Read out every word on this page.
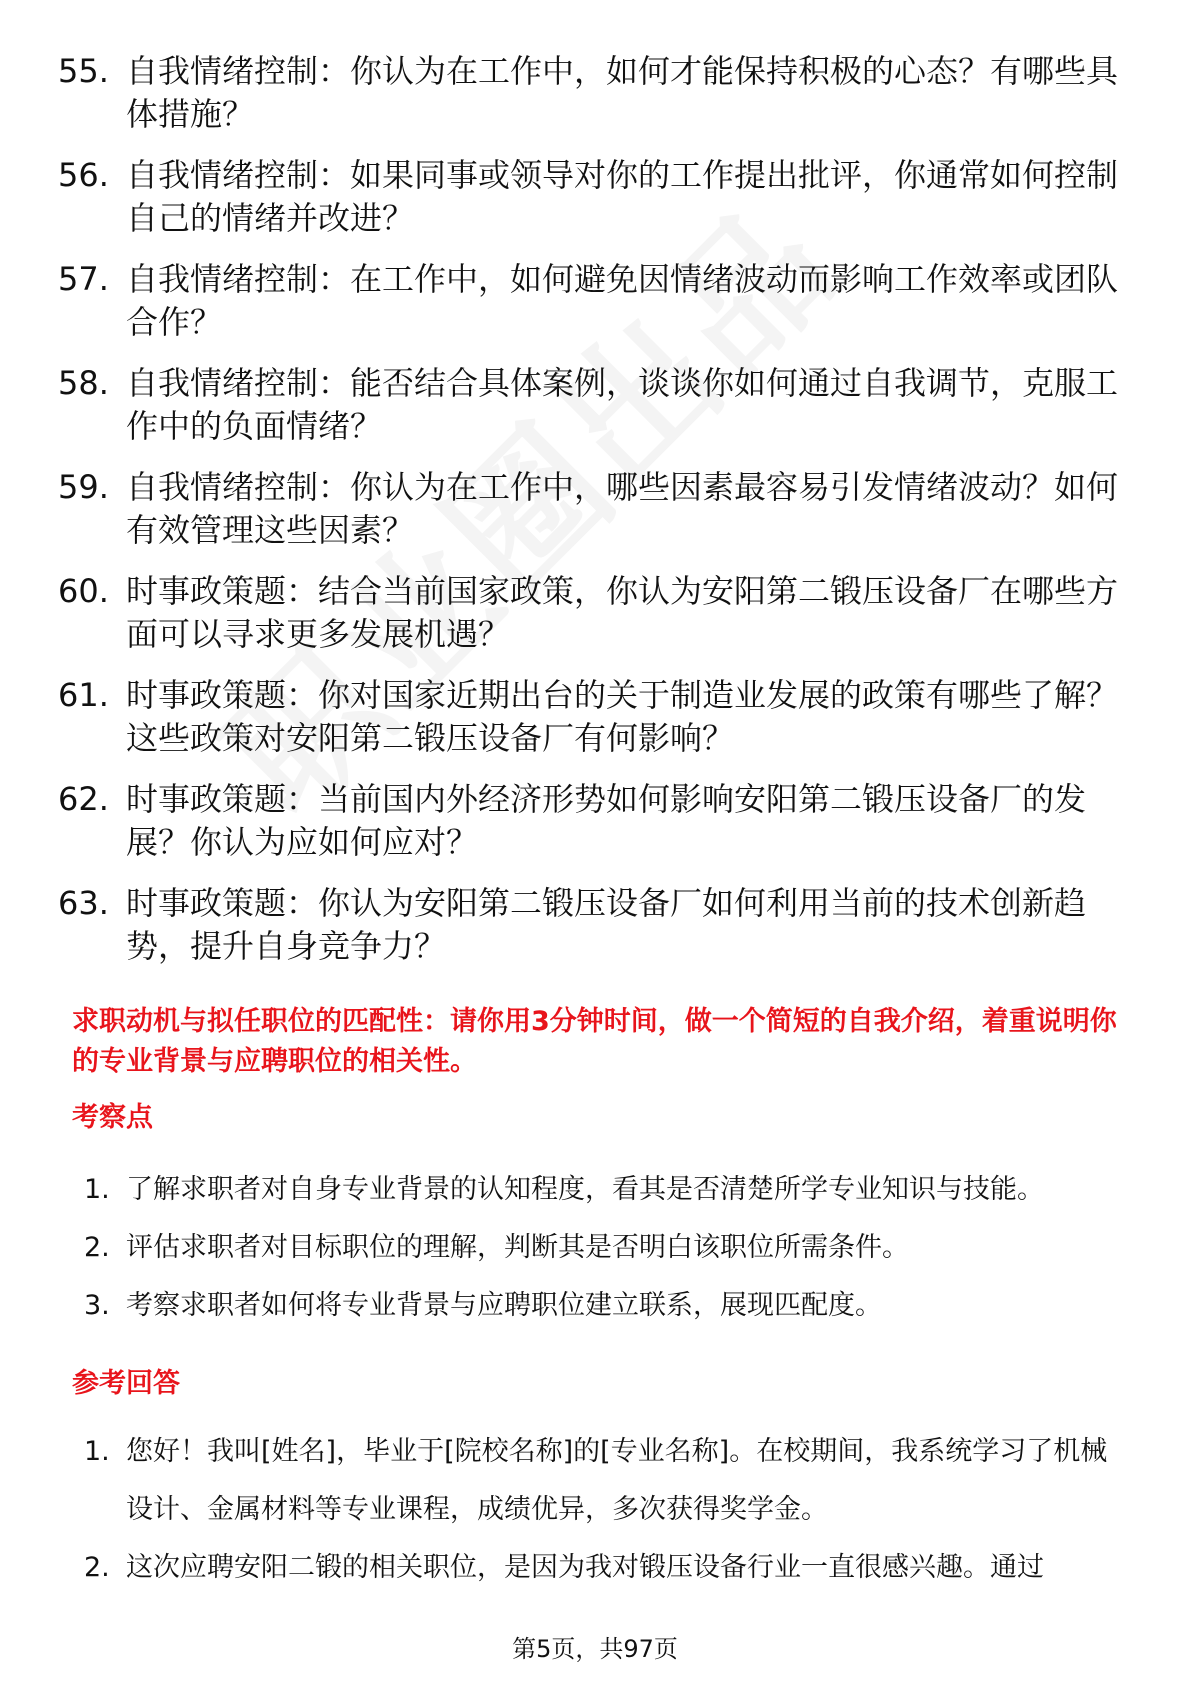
55. 自我情绪控制：你认为在工作中，如何才能保持积极的心态？有哪些具体措施？
56. 自我情绪控制：如果同事或领导对你的工作提出批评，你通常如何控制自己的情绪并改进？
57. 自我情绪控制：在工作中，如何避免因情绪波动而影响工作效率或团队合作？
58. 自我情绪控制：能否结合具体案例，谈谈你如何通过自我调节，克服工作中的负面情绪？
59. 自我情绪控制：你认为在工作中，哪些因素最容易引发情绪波动？如何有效管理这些因素？
60. 时事政策题：结合当前国家政策，你认为安阳第二锻压设备厂在哪些方面可以寻求更多发展机遇？
61. 时事政策题：你对国家近期出台的关于制造业发展的政策有哪些了解？这些政策对安阳第二锻压设备厂有何影响？
62. 时事政策题：当前国内外经济形势如何影响安阳第二锻压设备厂的发展？你认为应如何应对？
63. 时事政策题：你认为安阳第二锻压设备厂如何利用当前的技术创新趋势，提升自身竞争力？
求职动机与拟任职位的匹配性：请你用3分钟时间，做一个简短的自我介绍，着重说明你的专业背景与应聘职位的相关性。
考察点
1. 了解求职者对自身专业背景的认知程度，看其是否清楚所学专业知识与技能。
2. 评估求职者对目标职位的理解，判断其是否明白该职位所需条件。
3. 考察求职者如何将专业背景与应聘职位建立联系，展现匹配度。
参考回答
1. 您好！我叫[姓名]，毕业于[院校名称]的[专业名称]。在校期间，我系统学习了机械设计、金属材料等专业课程，成绩优异，多次获得奖学金。
2. 这次应聘安阳二锻的相关职位，是因为我对锻压设备行业一直很感兴趣。通过
第5页，共97页
